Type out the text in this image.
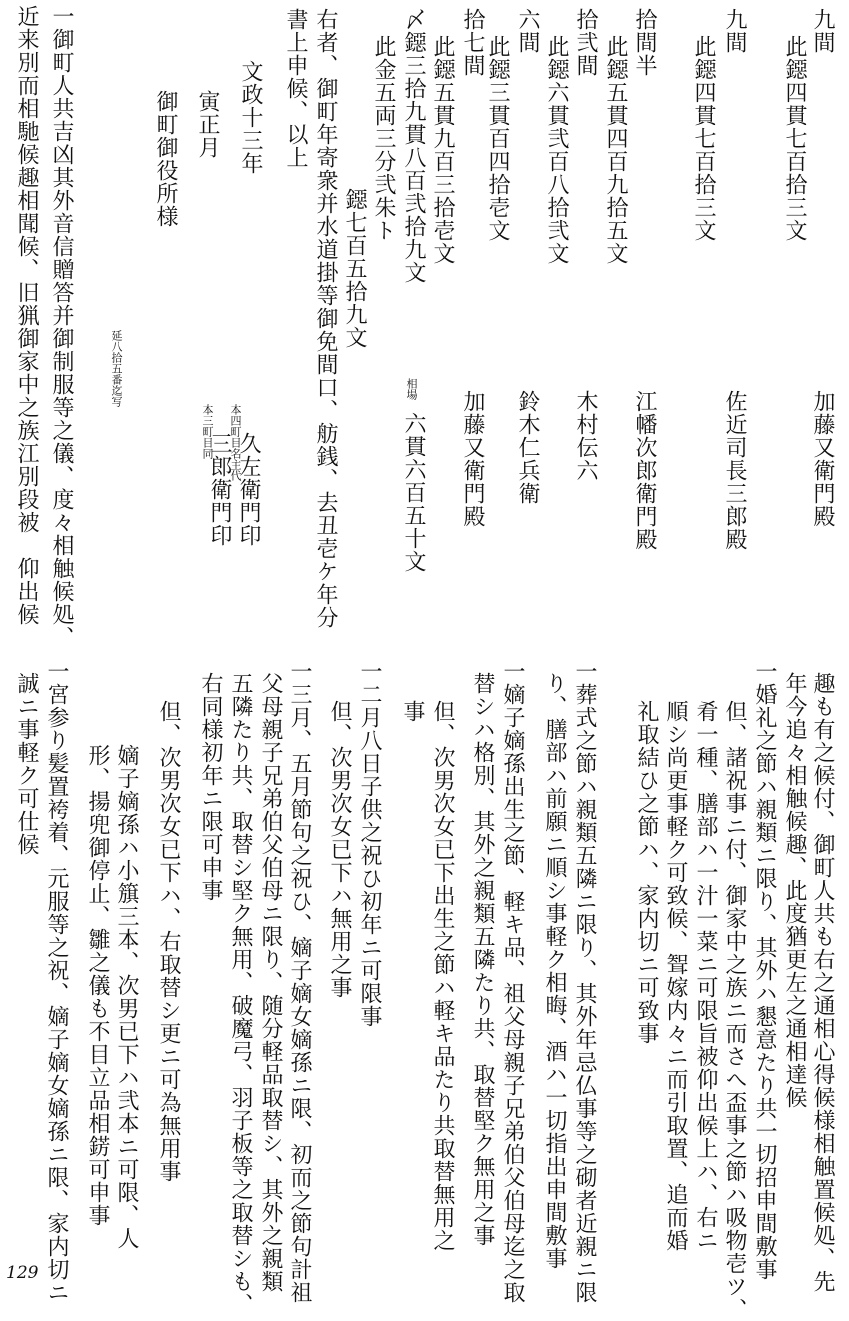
九間
此鐚四貫七百拾三文
九間
此鐚四貫七百拾三文
拾間半
此鐚五貫四百九拾五文
拾弐間
此鐚六貫弐百八拾弐文
六間
此鐚三貫百四拾壱文
拾七間
此鐚五貫九百三拾壱文
〆鐚三拾九貫八百弐拾九文
此金五両三分弐朱ト
鐚七百五拾九文
右者、御町年寄衆并水道掛等御免間口、舫銭、去丑壱ケ年分
書上申候、以上
文政十三年
寅正月
御町御役所様
一御町人共吉凶其外音信贈答并御制服等之儀、度々相触候処、
近来別而相馳候趣相聞候、旧猟御家中之族江別段被　仰出候	加藤又衛門殿
佐近司長三郎殿
江幡次郎衛門殿
木村伝六
鈴木仁兵衛
加藤又衛門殿
六貫六百五十文
相場
本四町目名主代
久左衛門印
本三町目同
三郎衛門印
延八拾五番迄写
趣も有之候付、御町人共も右之通相心得候様相触置候処、先
年今追々相触候趣、此度猶更左之通相達候
一婚礼之節ハ親類ニ限り、其外ハ懇意たり共一切招申間敷事
但、諸祝事ニ付、御家中之族ニ而さへ盃事之節ハ吸物壱ツ、
肴一種、膳部ハ一汁一菜ニ可限旨被仰出候上ハ、右ニ
順シ尚更事軽ク可致候、聟嫁内々ニ而引取置、追而婚
礼取結ひ之節ハ、家内切ニ可致事
一葬式之節ハ親類五隣ニ限り、其外年忌仏事等之砌者近親ニ限
り、膳部ハ前願ニ順シ事軽ク相晦、酒ハ一切指出申間敷事
一嫡子嫡孫出生之節、軽キ品、祖父母親子兄弟伯父伯母迄之取
替シハ格別、其外之親類五隣たり共、取替堅ク無用之事
但、次男次女已下出生之節ハ軽キ品たり共取替無用之
事
一二月八日子供之祝ひ初年ニ可限事
但、次男次女已下ハ無用之事
一三月、五月節句之祝ひ、嫡子嫡女嫡孫ニ限、初而之節句計祖
父母親子兄弟伯父伯母ニ限り、随分軽品取替シ、其外之親類
五隣たり共、取替シ堅ク無用、破魔弓、羽子板等之取替シも、
右同様初年ニ限可申事
但、次男次女已下ハ、右取替シ更ニ可為無用事
嫡子嫡孫ハ小簱三本、次男已下ハ弐本ニ可限、人
形、揚兜御停止、雛之儀も不目立品相錺可申事
一宮参り髪置袴着、元服等之祝、嫡子嫡女嫡孫ニ限、家内切ニ
誠ニ事軽ク可仕候
129
